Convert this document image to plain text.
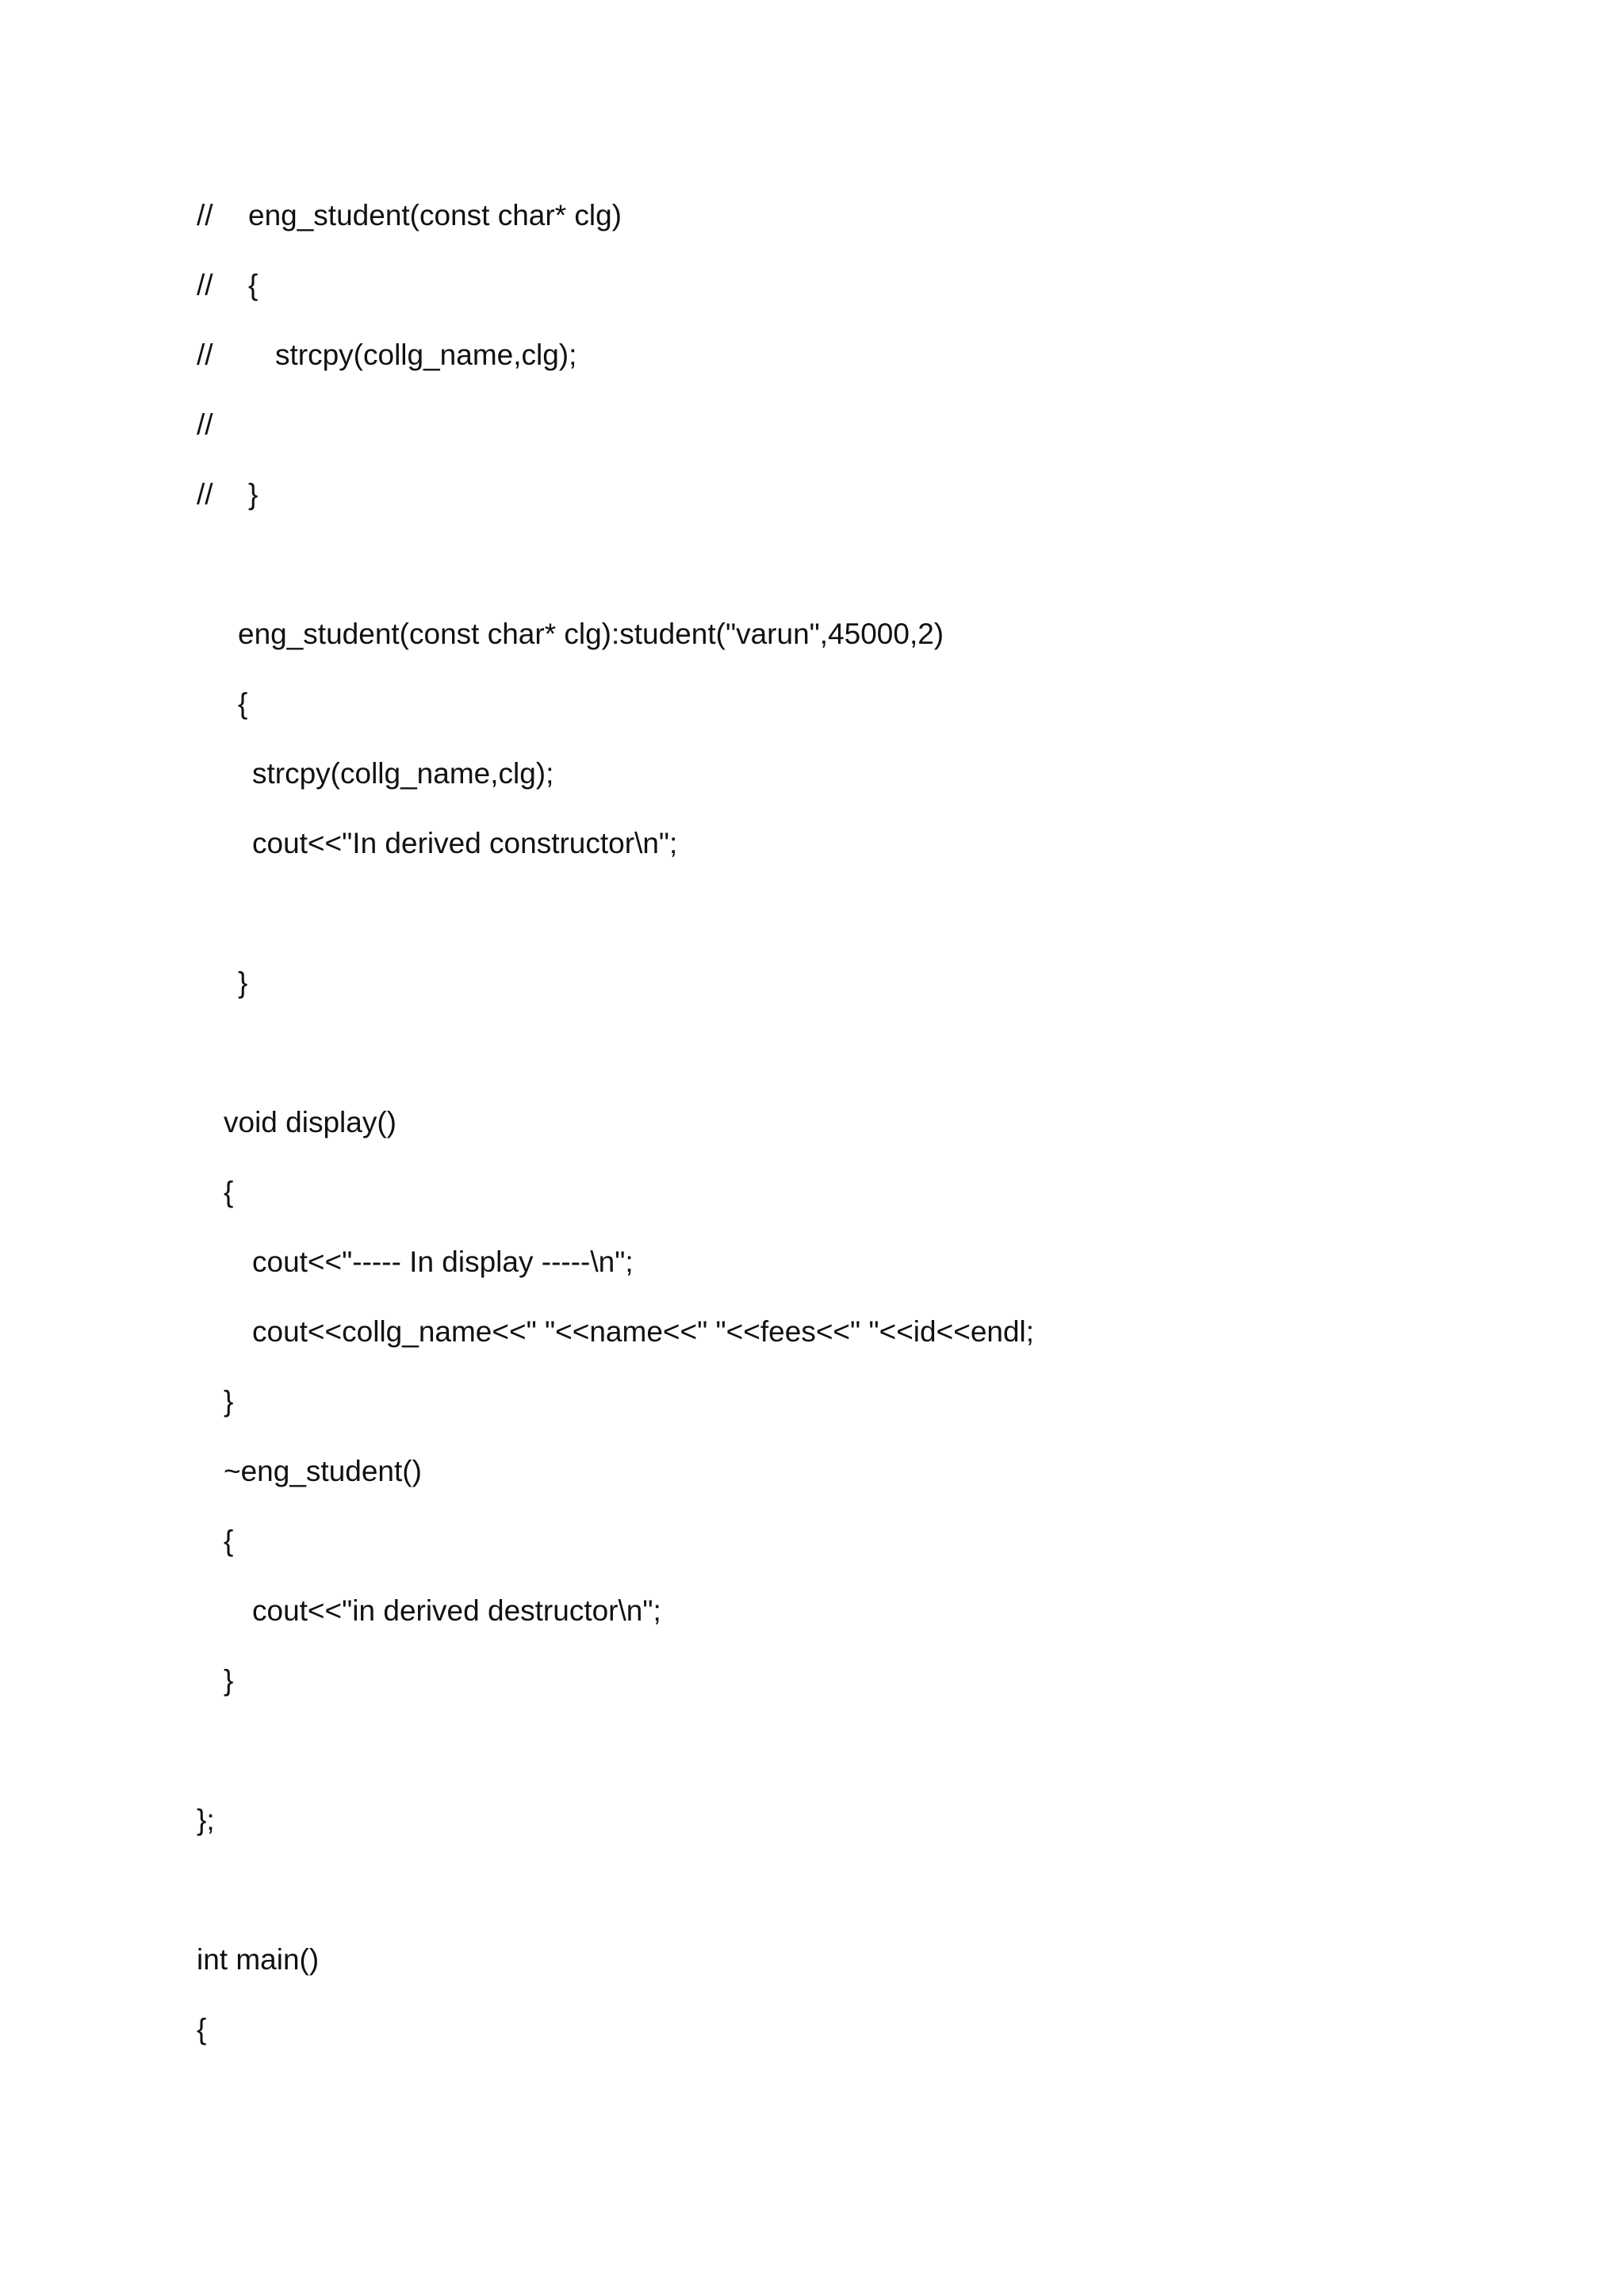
// eng_student(const char* clg)

// {

// strcpy(collg_name,clg);

//

// }

eng_student(const char* clg):student("varun",45000,2)

{

strcpy(collg_name,clg);

cout<<"In derived constructor\n";

}

void display()

{

cout<<"----- In display -----\n";

cout<<collg_name<<" "<<name<<" "<<fees<<" "<<id<<endl;

}

~eng_student()

{

cout<<"in derived destructor\n";

}

};

int main()

{
